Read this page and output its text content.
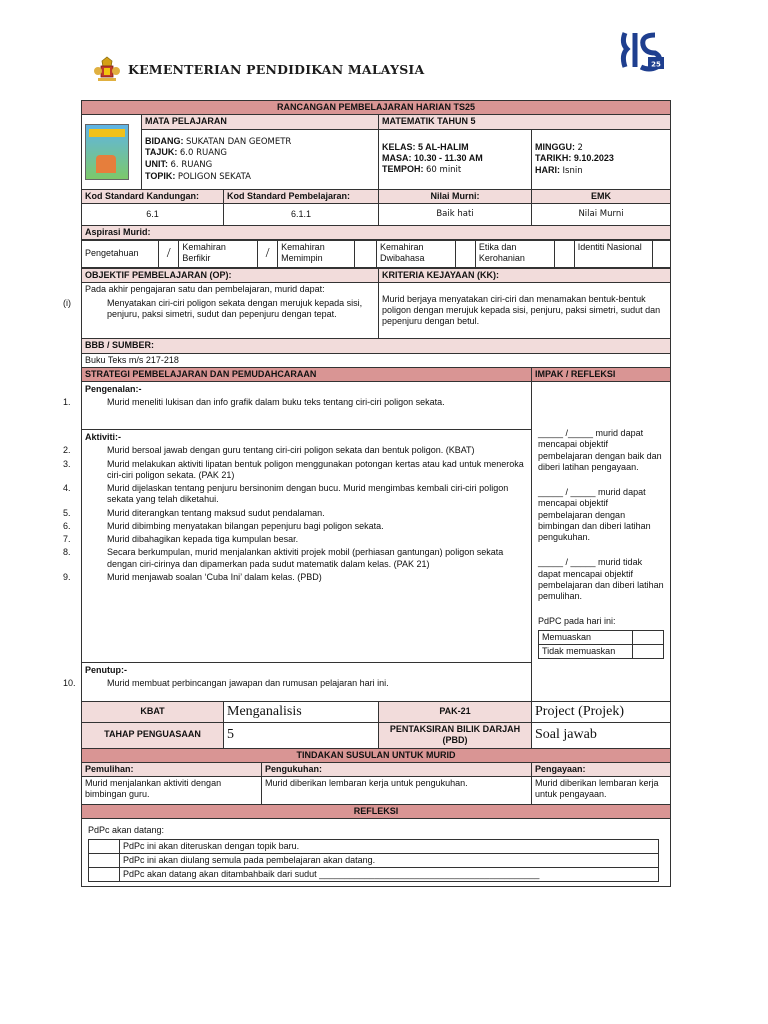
KEMENTERIAN PENDIDIKAN MALAYSIA	25
RANCANGAN PEMBELAJARAN HARIAN TS25

	MATA PELAJARAN	MATEMATIK TAHUN 5

BIDANG: SUKATAN DAN GEOMETR
TAJUK: 6.0 RUANG
UNIT: 6. RUANG
TOPIK: POLIGON SEKATA

KELAS: 5 AL-HALIM
MASA: 10.30 - 11.30 AM
TEMPOH: 60 minit

MINGGU: 2
TARIKH: 9.10.2023
HARI: Isnin

Kod Standard Kandungan:	Kod Standard Pembelajaran:	Nilai Murni:	EMK
6.1	6.1.1	Baik hati	Nilai Murni
Aspirasi Murid:

Pengetahuan	/	Kemahiran Berfikir	/	Kemahiran Memimpin		Kemahiran Dwibahasa		Etika dan Kerohanian		Identiti Nasional	

OBJEKTIF PEMBELAJARAN (OP):	KRITERIA KEJAYAAN (KK):

Pada akhir pengajaran satu dan pembelajaran, murid dapat:
(i)	Menyatakan ciri-ciri poligon sekata dengan merujuk kepada sisi, penjuru, paksi simetri, sudut dan pepenjuru dengan tepat.
	Murid berjaya menyatakan ciri-ciri dan menamakan bentuk-bentuk poligon dengan merujuk kepada sisi, penjuru, paksi simetri, sudut dan pepenjuru dengan betul.
BBB / SUMBER:
Buku Teks m/s 217-218
STRATEGI PEMBELAJARAN DAN PEMUDAHCARAAN	IMPAK / REFLEKSI

Pengenalan:-
1.	Murid meneliti lukisan dan info grafik dalam buku teks tentang ciri-ciri poligon sekata.
Aktiviti:-
2.	Murid bersoal jawab dengan guru tentang ciri-ciri poligon sekata dan bentuk poligon. (KBAT)
3.	Murid melakukan aktiviti lipatan bentuk poligon menggunakan potongan kertas atau kad untuk meneroka ciri-ciri poligon sekata. (PAK 21)
4.	Murid dijelaskan tentang penjuru bersinonim dengan bucu. Murid mengimbas kembali ciri-ciri poligon sekata yang telah diketahui.
5.	Murid diterangkan tentang maksud sudut pendalaman.
6.	Murid dibimbing menyatakan bilangan pepenjuru bagi poligon sekata.
7.	Murid dibahagikan kepada tiga kumpulan besar.
8.	Secara berkumpulan, murid menjalankan aktiviti projek mobil (perhiasan gantungan) poligon sekata dengan ciri-cirinya dan dipamerkan pada sudut matematik dalam kelas. (PAK 21)
9.	Murid menjawab soalan ‘Cuba Ini’ dalam kelas. (PBD)
Penutup:-
10.	Murid membuat perbincangan jawapan dan rumusan pelajaran hari ini.

_____ /_____ murid dapat mencapai objektif pembelajaran dengan baik dan diberi latihan pengayaan.
_____ / _____ murid dapat mencapai objektif pembelajaran dengan bimbingan dan diberi latihan pengukuhan.
_____ / _____ murid tidak dapat mencapai objektif pembelajaran dan diberi latihan pemulihan.
PdPC pada hari ini:
Memuaskan	
Tidak memuaskan	

KBAT	Menganalisis	PAK-21	Project (Projek)
TAHAP PENGUASAAN	5	PENTAKSIRAN BILIK DARJAH (PBD)	Soal jawab
TINDAKAN SUSULAN UNTUK MURID
Pemulihan:	Pengukuhan:	Pengayaan:
Murid menjalankan aktiviti dengan bimbingan guru.	Murid diberikan lembaran kerja untuk pengukuhan.	Murid diberikan lembaran kerja untuk pengayaan.
REFLEKSI

PdPc akan datang:
	PdPc ini akan diteruskan dengan topik baru.
	PdPc ini akan diulang semula pada pembelajaran akan datang.
	PdPc akan datang akan ditambahbaik dari sudut ____________________________________________
